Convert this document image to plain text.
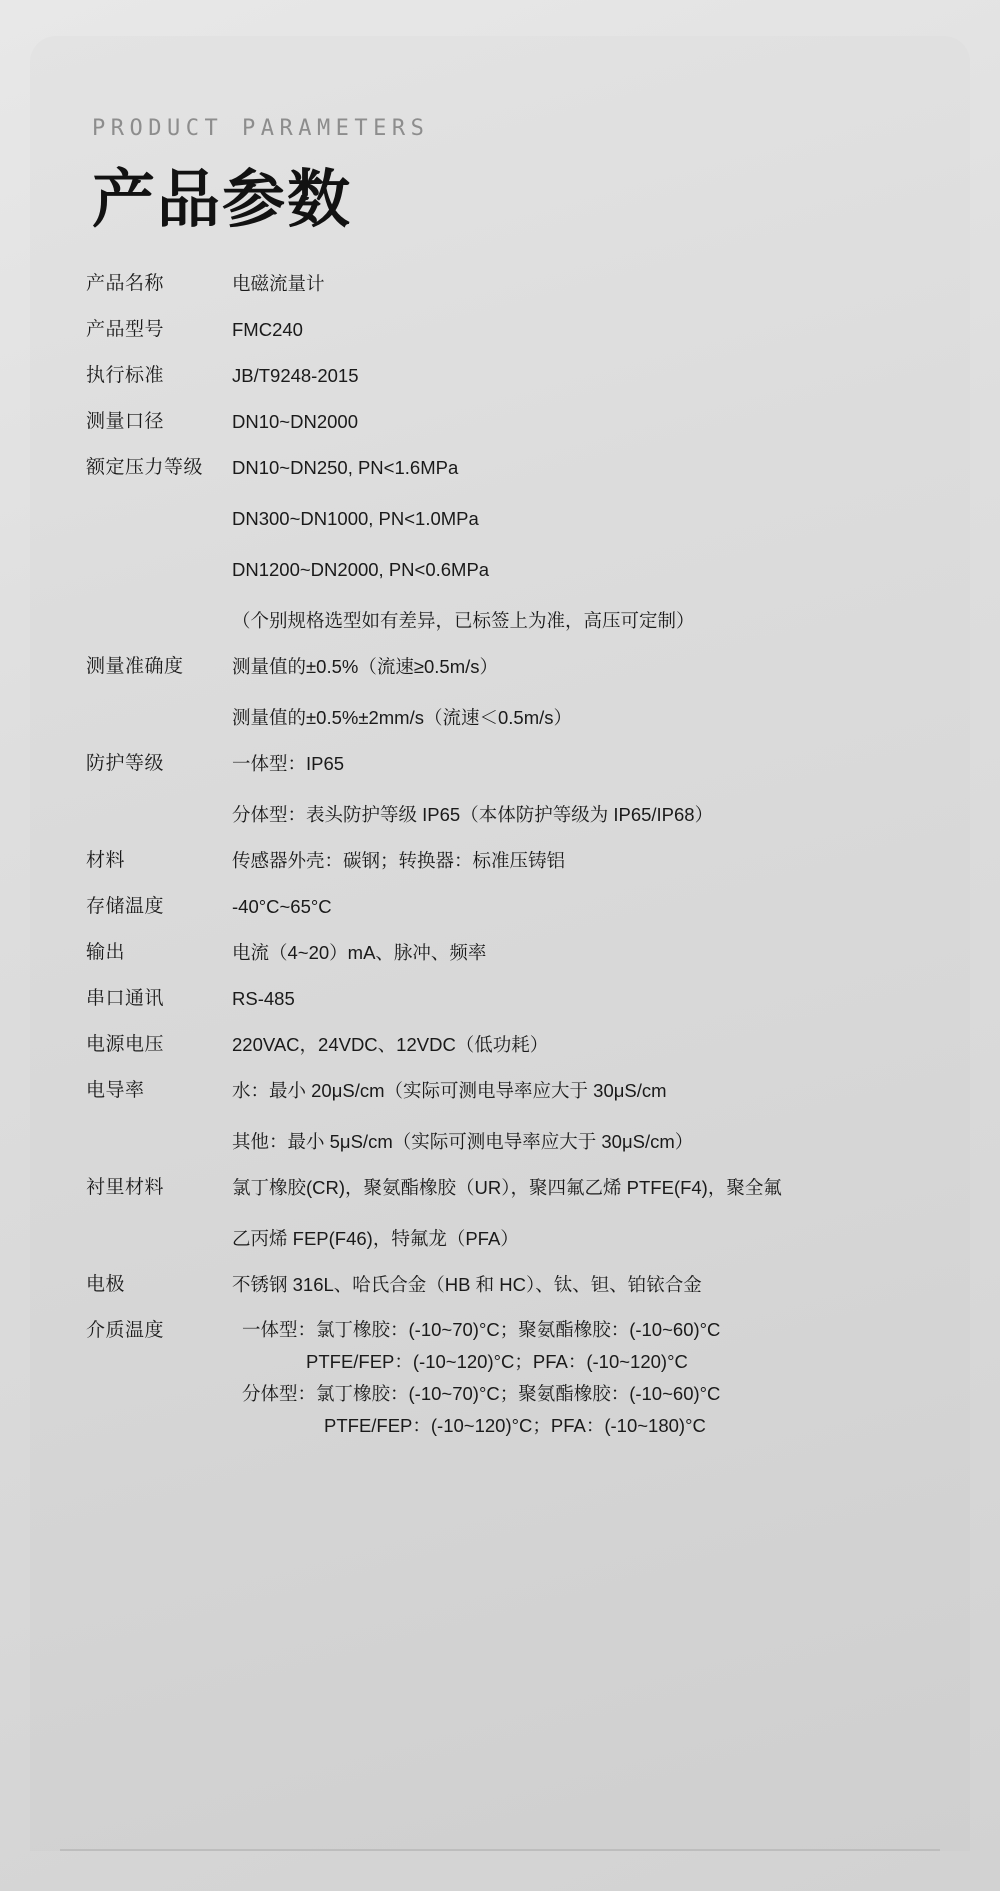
PRODUCT PARAMETERS
产品参数
产品名称	电磁流量计
产品型号	FMC240
执行标准	JB/T9248-2015
测量口径	DN10~DN2000
额定压力等级	DN10~DN250, PN<1.6MPa
DN300~DN1000, PN<1.0MPa
DN1200~DN2000, PN<0.6MPa
（个别规格选型如有差异，已标签上为准，高压可定制）
测量准确度	测量值的±0.5%（流速≥0.5m/s）
测量值的±0.5%±2mm/s（流速＜0.5m/s）
防护等级	一体型：IP65
分体型：表头防护等级 IP65（本体防护等级为 IP65/IP68）
材料	传感器外壳：碳钢；转换器：标准压铸铝
存储温度	-40°C~65°C
输出	电流（4~20）mA、脉冲、频率
串口通讯	RS-485
电源电压	220VAC，24VDC、12VDC（低功耗）
电导率	水：最小 20μS/cm（实际可测电导率应大于 30μS/cm
其他：最小 5μS/cm（实际可测电导率应大于 30μS/cm）
衬里材料	氯丁橡胶(CR)，聚氨酯橡胶（UR），聚四氟乙烯 PTFE(F4)，聚全氟
乙丙烯 FEP(F46)，特氟龙（PFA）
电极	不锈钢 316L、哈氏合金（HB 和 HC）、钛、钽、铂铱合金
介质温度	一体型：氯丁橡胶：(-10~70)°C；聚氨酯橡胶：(-10~60)°C
PTFE/FEP：(-10~120)°C；PFA：(-10~120)°C
分体型：氯丁橡胶：(-10~70)°C；聚氨酯橡胶：(-10~60)°C
PTFE/FEP：(-10~120)°C；PFA：(-10~180)°C
